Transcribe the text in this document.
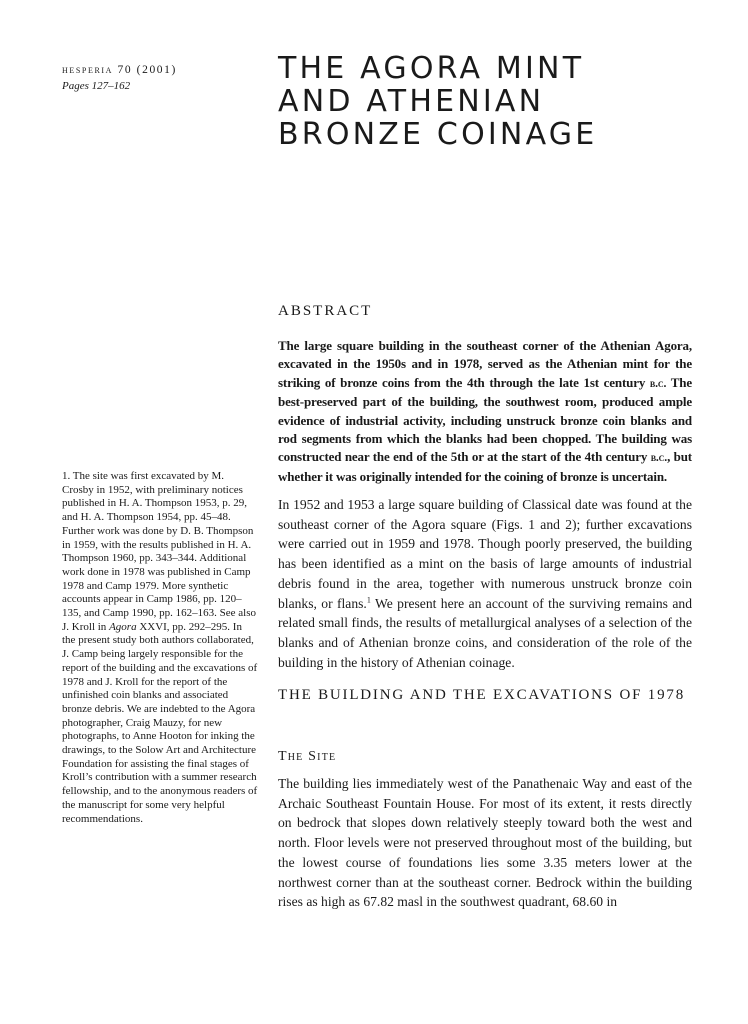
hesperia 70 (2001)
Pages 127–162	THE AGORA MINT
AND ATHENIAN
BRONZE COINAGE
ABSTRACT

The large square building in the southeast corner of the Athenian Agora, excavated in the 1950s and in 1978, served as the Athenian mint for the striking of bronze coins from the 4th through the late 1st century b.c. The best-preserved part of the building, the southwest room, produced ample evidence of industrial activity, including unstruck bronze coin blanks and rod segments from which the blanks had been chopped. The building was constructed near the end of the 5th or at the start of the 4th century b.c., but whether it was originally intended for the coining of bronze is uncertain.

In 1952 and 1953 a large square building of Classical date was found at the southeast corner of the Agora square (Figs. 1 and 2); further excavations were carried out in 1959 and 1978. Though poorly preserved, the building has been identified as a mint on the basis of large amounts of industrial debris found in the area, together with numerous unstruck bronze coin blanks, or flans.$^1$ We present here an account of the surviving remains and related small finds, the results of metallurgical analyses of a selection of the blanks and of Athenian bronze coins, and consideration of the role of the building in the history of Athenian coinage.

THE BUILDING AND THE EXCAVATIONS OF 1978
The Site

The building lies immediately west of the Panathenaic Way and east of the Archaic Southeast Fountain House. For most of its extent, it rests directly on bedrock that slopes down relatively steeply toward both the west and north. Floor levels were not preserved throughout most of the building, but the lowest course of foundations lies some 3.35 meters lower at the northwest corner than at the southeast corner. Bedrock within the building rises as high as 67.82 masl in the southwest quadrant, 68.60 in

1. The site was first excavated by M. Crosby in 1952, with preliminary notices published in H. A. Thompson 1953, p. 29, and H. A. Thompson 1954, pp. 45–48. Further work was done by D. B. Thompson in 1959, with the results published in H. A. Thompson 1960, pp. 343–344. Additional work done in 1978 was published in Camp 1978 and Camp 1979. More synthetic accounts appear in Camp 1986, pp. 120–135, and Camp 1990, pp. 162–163. See also J. Kroll in Agora XXVI, pp. 292–295. In the present study both authors collaborated, J. Camp being largely responsible for the report of the building and the excavations of 1978 and J. Kroll for the report of the unfinished coin blanks and associated bronze debris. We are indebted to the Agora photographer, Craig Mauzy, for new photographs, to Anne Hooton for inking the drawings, to the Solow Art and Architecture Foundation for assisting the final stages of Kroll’s contribution with a summer research fellowship, and to the anonymous readers of the manuscript for some very helpful recommendations.
